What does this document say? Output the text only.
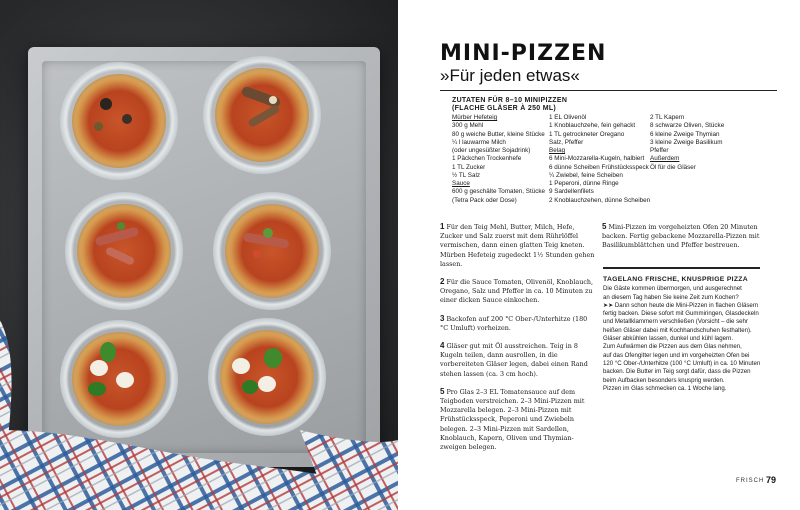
MINI-PIZZEN
»Für jeden etwas«
ZUTATEN FÜR 8–10 MINIPIZZEN
(FLACHE GLÄSER À 250 ML)
Mürber Hefeteig
300 g Mehl
80 g weiche Butter, kleine Stücke
¼ l lauwarme Milch
(oder ungesüßter Sojadrink)
1 Päckchen Trockenhefe
1 TL Zucker
½ TL Salz
Sauce
600 g geschälte Tomaten, Stücke
(Tetra Pack oder Dose)
1 EL Olivenöl
1 Knoblauchzehe, fein gehackt
1 TL getrockneter Oregano
Salz, Pfeffer
Belag
6 Mini-Mozzarella-Kugeln, halbiert
6 dünne Scheiben Frühstücksspeck
¼ Zwiebel, feine Scheiben
1 Peperoni, dünne Ringe
9 Sardellenfilets
2 Knoblauchzehen, dünne Scheiben
2 TL Kapern
8 schwarze Oliven, Stücke
6 kleine Zweige Thymian
3 kleine Zweige Basilikum
Pfeffer
Außerdem
Öl für die Gläser
1 Für den Teig Mehl, Butter, Milch, Hefe, Zucker und Salz zuerst mit dem Rührlöffel vermischen, dann einen glatten Teig kneten. Mürben Hefeteig zugedeckt 1½ Stunden gehen lassen.
2 Für die Sauce Tomaten, Olivenöl, Knoblauch, Oregano, Salz und Pfeffer in ca. 10 Minuten zu einer dicken Sauce einkochen.
3 Backofen auf 200 °C Ober-/Unterhitze (180 °C Umluft) vorheizen.
4 Gläser gut mit Öl ausstreichen. Teig in 8 Kugeln teilen, dann ausrollen, in die vorbereiteten Gläser legen, dabei einen Rand stehen lassen (ca. 3 cm hoch).
5 Pro Glas 2–3 EL Tomatensauce auf dem Teigboden verstreichen. 2–3 Mini-Pizzen mit Mozzarella belegen. 2–3 Mini-Pizzen mit Frühstücksspeck, Peperoni und Zwiebeln belegen. 2–3 Mini-Pizzen mit Sardellen, Knoblauch, Kapern, Oliven und Thymian-zweigen belegen.
5 Mini-Pizzen im vorgeheizten Ofen 20 Minuten backen. Fertig gebackene Mozzarella-Pizzen mit Basilikumblättchen und Pfeffer bestreuen.
TAGELANG FRISCHE, KNUSPRIGE PIZZA
Die Gäste kommen übermorgen, und ausgerechnet
an diesem Tag haben Sie keine Zeit zum Kochen?
➤➤ Dann schon heute die Mini-Pizzen in flachen Gläsern
fertig backen. Diese sofort mit Gummiringen, Glasdeckeln
und Metallklammern verschließen (Vorsicht – die sehr
heißen Gläser dabei mit Kochhandschuhen festhalten).
Gläser abkühlen lassen, dunkel und kühl lagern.
Zum Aufwärmen die Pizzen aus dem Glas nehmen,
auf das Ofengitter legen und im vorgeheizten Ofen bei
120 °C Ober-/Unterhitze (100 °C Umluft) in ca. 10 Minuten
backen. Die Butter im Teig sorgt dafür, dass die Pizzen
beim Aufbacken besonders knusprig werden.
Pizzen im Glas schmecken ca. 1 Woche lang.
FRISCH 79
